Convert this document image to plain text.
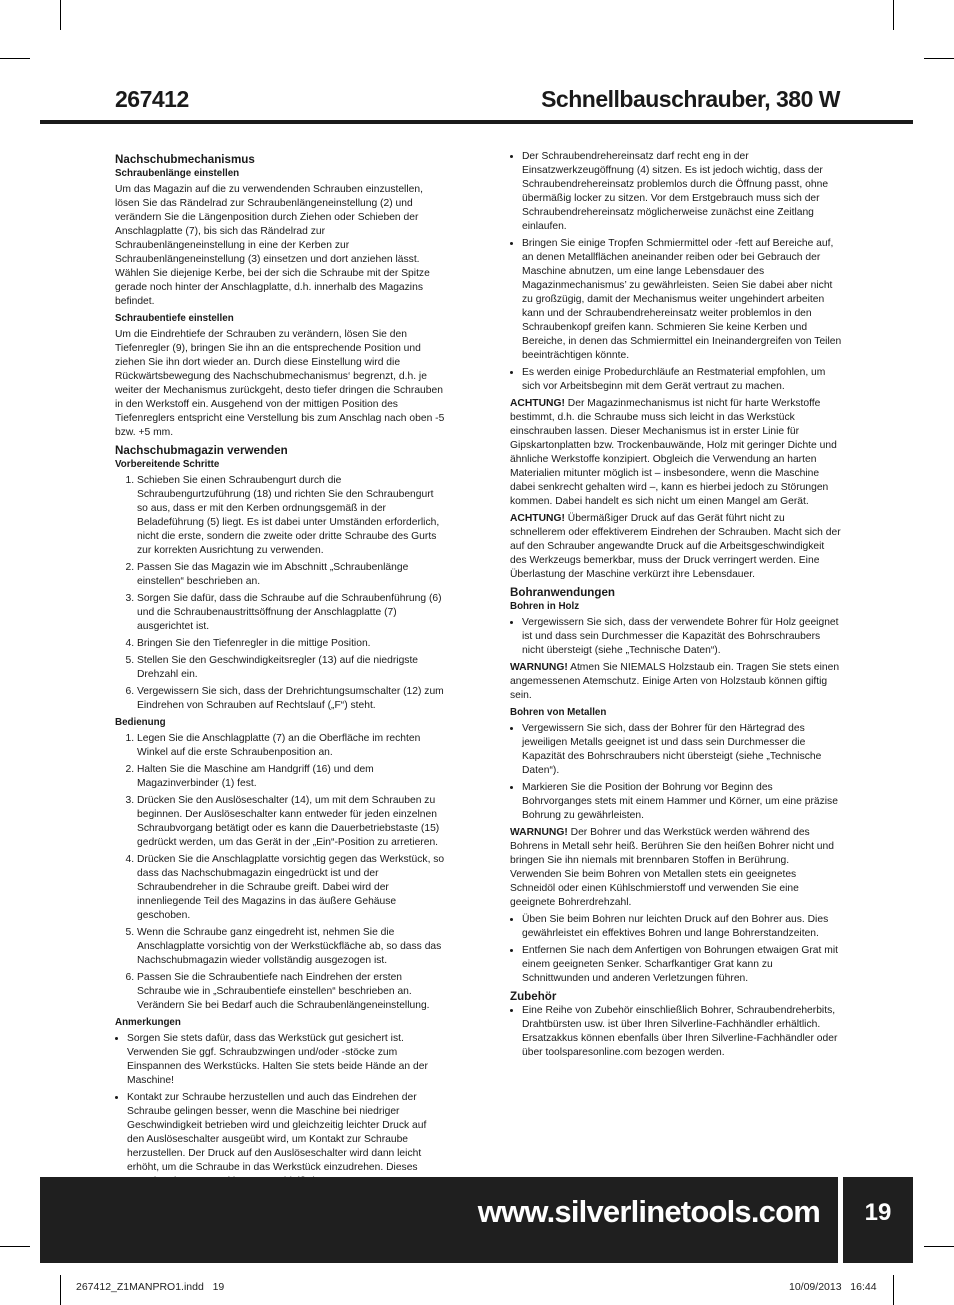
267412	Schnellbauschrauber, 380 W
Nachschubmechanismus
Schraubenlänge einstellen

Um das Magazin auf die zu verwendenden Schrauben einzustellen, lösen Sie das Rändelrad zur Schraubenlängeneinstellung (2) und verändern Sie die Längenposition durch Ziehen oder Schieben der Anschlagplatte (7), bis sich das Rändelrad zur Schraubenlängeneinstellung in eine der Kerben zur Schraubenlängeneinstellung (3) einsetzen und dort anziehen lässt. Wählen Sie diejenige Kerbe, bei der sich die Schraube mit der Spitze gerade noch hinter der Anschlagplatte, d.h. innerhalb des Magazins befindet.

Schraubentiefe einstellen

Um die Eindrehtiefe der Schrauben zu verändern, lösen Sie den Tiefenregler (9), bringen Sie ihn an die entsprechende Position und ziehen Sie ihn dort wieder an. Durch diese Einstellung wird die Rückwärtsbewegung des Nachschubmechanismus‘ begrenzt, d.h. je weiter der Mechanismus zurückgeht, desto tiefer dringen die Schrauben in den Werkstoff ein. Ausgehend von der mittigen Position des Tiefenreglers entspricht eine Verstellung bis zum Anschlag nach oben -5 bzw. +5 mm.

Nachschubmagazin verwenden
Vorbereitende Schritte
1. Schieben Sie einen Schraubengurt durch die Schraubengurtzuführung (18) und richten Sie den Schraubengurt so aus, dass er mit den Kerben ordnungsgemäß in der Beladeführung (5) liegt. Es ist dabei unter Umständen erforderlich, nicht die erste, sondern die zweite oder dritte Schraube des Gurts zur korrekten Ausrichtung zu verwenden.
2. Passen Sie das Magazin wie im Abschnitt „Schraubenlänge einstellen“ beschrieben an.
3. Sorgen Sie dafür, dass die Schraube auf die Schraubenführung (6) und die Schraubenaustrittsöffnung der Anschlagplatte (7) ausgerichtet ist.
4. Bringen Sie den Tiefenregler in die mittige Position.
5. Stellen Sie den Geschwindigkeitsregler (13) auf die niedrigste Drehzahl ein.
6. Vergewissern Sie sich, dass der Drehrichtungsumschalter (12) zum Eindrehen von Schrauben auf Rechtslauf („F“) steht.
Bedienung
1. Legen Sie die Anschlagplatte (7) an die Oberfläche im rechten Winkel auf die erste Schraubenposition an.
2. Halten Sie die Maschine am Handgriff (16) und dem Magazinverbinder (1) fest.
3. Drücken Sie den Auslöseschalter (14), um mit dem Schrauben zu beginnen. Der Auslöseschalter kann entweder für jeden einzelnen Schraubvorgang betätigt oder es kann die Dauerbetriebstaste (15) gedrückt werden, um das Gerät in der „Ein“-Position zu arretieren.
4. Drücken Sie die Anschlagplatte vorsichtig gegen das Werkstück, so dass das Nachschubmagazin eingedrückt ist und der Schraubendreher in die Schraube greift. Dabei wird der innenliegende Teil des Magazins in das äußere Gehäuse geschoben.
5. Wenn die Schraube ganz eingedreht ist, nehmen Sie die Anschlagplatte vorsichtig von der Werkstückfläche ab, so dass das Nachschubmagazin wieder vollständig ausgezogen ist.
6. Passen Sie die Schraubentiefe nach Eindrehen der ersten Schraube wie in „Schraubentiefe einstellen“ beschrieben an. Verändern Sie bei Bedarf auch die Schraubenlängeneinstellung.
Anmerkungen
• Sorgen Sie stets dafür, dass das Werkstück gut gesichert ist. Verwenden Sie ggf. Schraubzwingen und/oder -stöcke zum Einspannen des Werkstücks. Halten Sie stets beide Hände an der Maschine!
• Kontakt zur Schraube herzustellen und auch das Eindrehen der Schraube gelingen besser, wenn die Maschine bei niedriger Geschwindigkeit betrieben wird und gleichzeitig leichter Druck auf den Auslöseschalter ausgeübt wird, um Kontakt zur Schraube herzustellen. Der Druck auf den Auslöseschalter wird dann leicht erhöht, um die Schraube in das Werkstück einzudrehen. Dieses
•
• Der Schraubendrehereinsatz darf recht eng in der Einsatzwerkzeugöffnung (4) sitzen. Es ist jedoch wichtig, dass der Schraubendrehereinsatz problemlos durch die Öffnung passt, ohne übermäßig locker zu sitzen. Vor dem Erstgebrauch muss sich der Schraubendrehereinsatz möglicherweise zunächst eine Zeitlang einlaufen.
• Bringen Sie einige Tropfen Schmiermittel oder -fett auf Bereiche auf, an denen Metallflächen aneinander reiben oder bei Gebrauch der Maschine abnutzen, um eine lange Lebensdauer des Magazinmechanismus’ zu gewährleisten. Seien Sie dabei aber nicht zu großzügig, damit der Mechanismus weiter ungehindert arbeiten kann und der Schraubendrehereinsatz weiter problemlos in den Schraubenkopf greifen kann. Schmieren Sie keine Kerben und Bereiche, in denen das Schmiermittel ein Ineinandergreifen von Teilen beeinträchtigen könnte.
• Es werden einige Probedurchläufe an Restmaterial empfohlen, um sich vor Arbeitsbeginn mit dem Gerät vertraut zu machen.

ACHTUNG! Der Magazinmechanismus ist nicht für harte Werkstoffe bestimmt, d.h. die Schraube muss sich leicht in das Werkstück einschrauben lassen. Dieser Mechanismus ist in erster Linie für Gipskartonplatten bzw. Trockenbauwände, Holz mit geringer Dichte und ähnliche Werkstoffe konzipiert. Obgleich die Verwendung an harten Materialien mitunter möglich ist – insbesondere, wenn die Maschine dabei senkrecht gehalten wird –, kann es hierbei jedoch zu Störungen kommen. Dabei handelt es sich nicht um einen Mangel am Gerät.

ACHTUNG! Übermäßiger Druck auf das Gerät führt nicht zu schnellerem oder effektiverem Eindrehen der Schrauben. Macht sich der auf den Schrauber angewandte Druck auf die Arbeitsgeschwindigkeit des Werkzeugs bemerkbar, muss der Druck verringert werden. Eine Überlastung der Maschine verkürzt ihre Lebensdauer.

Bohranwendungen
Bohren in Holz
• Vergewissern Sie sich, dass der verwendete Bohrer für Holz geeignet ist und dass sein Durchmesser die Kapazität des Bohrschraubers nicht übersteigt (siehe „Technische Daten“).

WARNUNG! Atmen Sie NIEMALS Holzstaub ein. Tragen Sie stets einen angemessenen Atemschutz. Einige Arten von Holzstaub können giftig sein.

Bohren von Metallen
• Vergewissern Sie sich, dass der Bohrer für den Härtegrad des jeweiligen Metalls geeignet ist und dass sein Durchmesser die Kapazität des Bohrschraubers nicht übersteigt (siehe „Technische Daten“).
• Markieren Sie die Position der Bohrung vor Beginn des Bohrvorganges stets mit einem Hammer und Körner, um eine präzise Bohrung zu gewährleisten.

WARNUNG! Der Bohrer und das Werkstück werden während des Bohrens in Metall sehr heiß. Berühren Sie den heißen Bohrer nicht und bringen Sie ihn niemals mit brennbaren Stoffen in Berührung. Verwenden Sie beim Bohren von Metallen stets ein geeignetes Schneidöl oder einen Kühlschmierstoff und verwenden Sie eine geeignete Bohrerdrehzahl.

• Üben Sie beim Bohren nur leichten Druck auf den Bohrer aus. Dies gewährleistet ein effektives Bohren und lange Bohrerstandzeiten.
• Entfernen Sie nach dem Anfertigen von Bohrungen etwaigen Grat mit einem geeigneten Senker. Scharfkantiger Grat kann zu Schnittwunden und anderen Verletzungen führen.
Zubehör
• Eine Reihe von Zubehör einschließlich Bohrer, Schraubendreherbits, Drahtbürsten usw. ist über Ihren Silverline-Fachhändler erhältlich. Ersatzakkus können ebenfalls über Ihren Silverline-Fachhändler oder über toolsparesonline.com bezogen werden.
www.silverlinetools.com	19
267412_Z1MANPRO1.indd   19	10/09/2013   16:44
